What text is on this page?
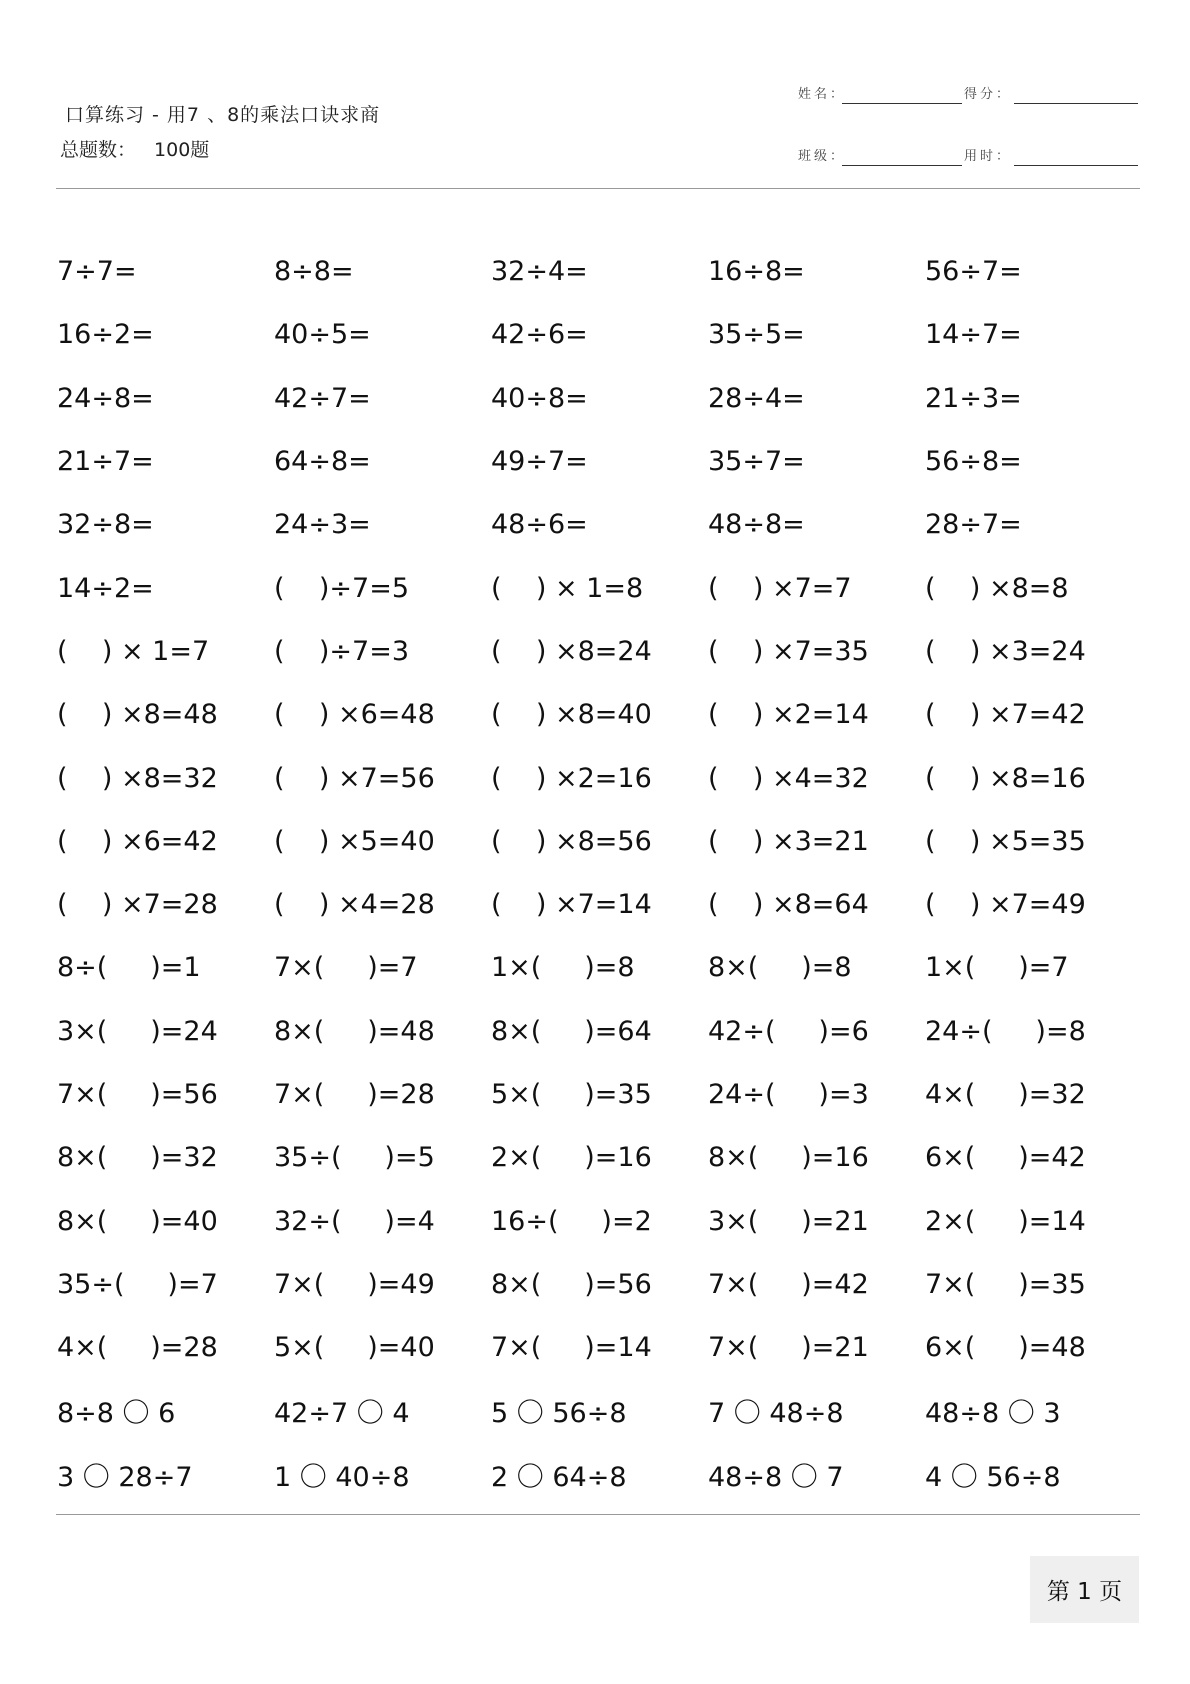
口算练习 - 用7 、8的乘法口诀求商
总题数： 100题
姓名：	得分：
班级：	用时：
7÷7=	8÷8=	32÷4=	16÷8=	56÷7=
16÷2=	40÷5=	42÷6=	35÷5=	14÷7=
24÷8=	42÷7=	40÷8=	28÷4=	21÷3=
21÷7=	64÷8=	49÷7=	35÷7=	56÷8=
32÷8=	24÷3=	48÷6=	48÷8=	28÷7=
14÷2=	(    )÷7=5	(    ) × 1=8	(    ) ×7=7	(    ) ×8=8
(    ) × 1=7	(    )÷7=3	(    ) ×8=24	(    ) ×7=35	(    ) ×3=24
(    ) ×8=48	(    ) ×6=48	(    ) ×8=40	(    ) ×2=14	(    ) ×7=42
(    ) ×8=32	(    ) ×7=56	(    ) ×2=16	(    ) ×4=32	(    ) ×8=16
(    ) ×6=42	(    ) ×5=40	(    ) ×8=56	(    ) ×3=21	(    ) ×5=35
(    ) ×7=28	(    ) ×4=28	(    ) ×7=14	(    ) ×8=64	(    ) ×7=49
8÷(     )=1	7×(     )=7	1×(     )=8	8×(     )=8	1×(     )=7
3×(     )=24	8×(     )=48	8×(     )=64	42÷(     )=6	24÷(     )=8
7×(     )=56	7×(     )=28	5×(     )=35	24÷(     )=3	4×(     )=32
8×(     )=32	35÷(     )=5	2×(     )=16	8×(     )=16	6×(     )=42
8×(     )=40	32÷(     )=4	16÷(     )=2	3×(     )=21	2×(     )=14
35÷(     )=7	7×(     )=49	8×(     )=56	7×(     )=42	7×(     )=35
4×(     )=28	5×(     )=40	7×(     )=14	7×(     )=21	6×(     )=48
8÷8 〇 6	42÷7 〇 4	5 〇 56÷8	7 〇 48÷8	48÷8 〇 3
3 〇 28÷7	1 〇 40÷8	2 〇 64÷8	48÷8 〇 7	4 〇 56÷8
第 1 页
